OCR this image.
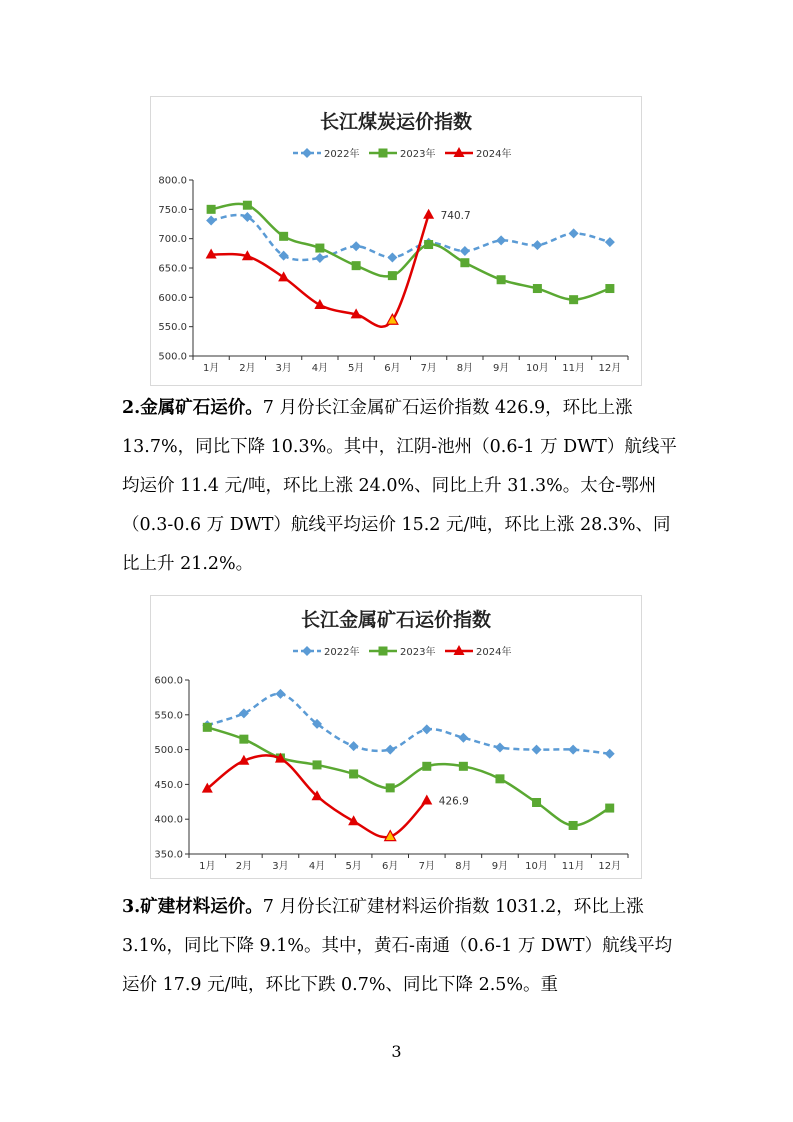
长江煤炭运价指数
2022年	2023年	2024年
800.0
750.0
700.0
650.0
600.0
550.0
500.0
1月 2月 3月 4月 5月 6月 7月 8月 9月 10月 11月 12月
740.7

2.金属矿石运价。7 月份长江金属矿石运价指数 426.9，环比上涨 13.7%，同比下降 10.3%。其中，江阴-池州（0.6-1 万 DWT）航线平均运价 11.4 元/吨，环比上涨 24.0%、同比上升 31.3%。太仓-鄂州（0.3-0.6 万 DWT）航线平均运价 15.2 元/吨，环比上涨 28.3%、同比上升 21.2%。

长江金属矿石运价指数
2022年	2023年	2024年
600.0
550.0
500.0
450.0
400.0
350.0
1月 2月 3月 4月 5月 6月 7月 8月 9月 10月 11月 12月
426.9

3.矿建材料运价。7 月份长江矿建材料运价指数 1031.2，环比上涨 3.1%，同比下降 9.1%。其中，黄石-南通（0.6-1 万 DWT）航线平均运价 17.9 元/吨，环比下跌 0.7%、同比下降 2.5%。重

3
